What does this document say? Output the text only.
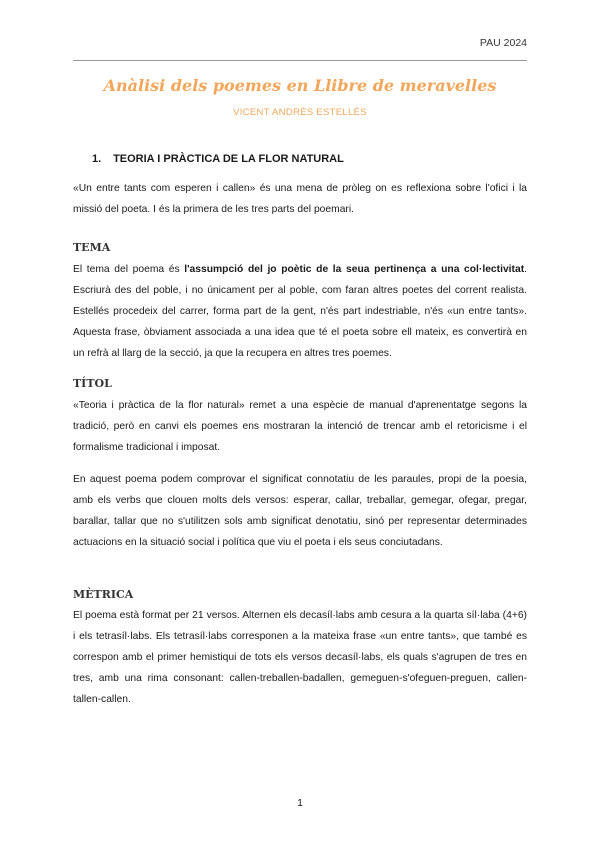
PAU 2024
Anàlisi dels poemes en Llibre de meravelles
VICENT ANDRÉS ESTELLÉS
1. TEORIA I PRÀCTICA DE LA FLOR NATURAL
«Un entre tants com esperen i callen» és una mena de pròleg on es reflexiona sobre l'ofici i la missió del poeta. I és la primera de les tres parts del poemari.
TEMA
El tema del poema és l'assumpció del jo poètic de la seua pertinença a una col·lectivitat. Escriurà des del poble, i no únicament per al poble, com faran altres poetes del corrent realista. Estellés procedeix del carrer, forma part de la gent, n'és part indestriable, n'és «un entre tants». Aquesta frase, òbviament associada a una idea que té el poeta sobre ell mateix, es convertirà en un refrà al llarg de la secció, ja que la recupera en altres tres poemes.
TÍTOL
«Teoria i pràctica de la flor natural» remet a una espècie de manual d'aprenentatge segons la tradició, però en canvi els poemes ens mostraran la intenció de trencar amb el retoricisme i el formalisme tradicional i imposat.
En aquest poema podem comprovar el significat connotatiu de les paraules, propi de la poesia, amb els verbs que clouen molts dels versos: esperar, callar, treballar, gemegar, ofegar, pregar, barallar, tallar que no s'utilitzen sols amb significat denotatiu, sinó per representar determinades actuacions en la situació social i política que viu el poeta i els seus conciutadans.
MÈTRICA
El poema està format per 21 versos. Alternen els decasíl·labs amb cesura a la quarta síl·laba (4+6) i els tetrasíl·labs. Els tetrasíl·labs corresponen a la mateixa frase «un entre tants», que també es correspon amb el primer hemistiqui de tots els versos decasíl·labs, els quals s'agrupen de tres en tres, amb una rima consonant: callen-treballen-badallen, gemeguen-s'ofeguen-preguen, callen-tallen-callen.
1
